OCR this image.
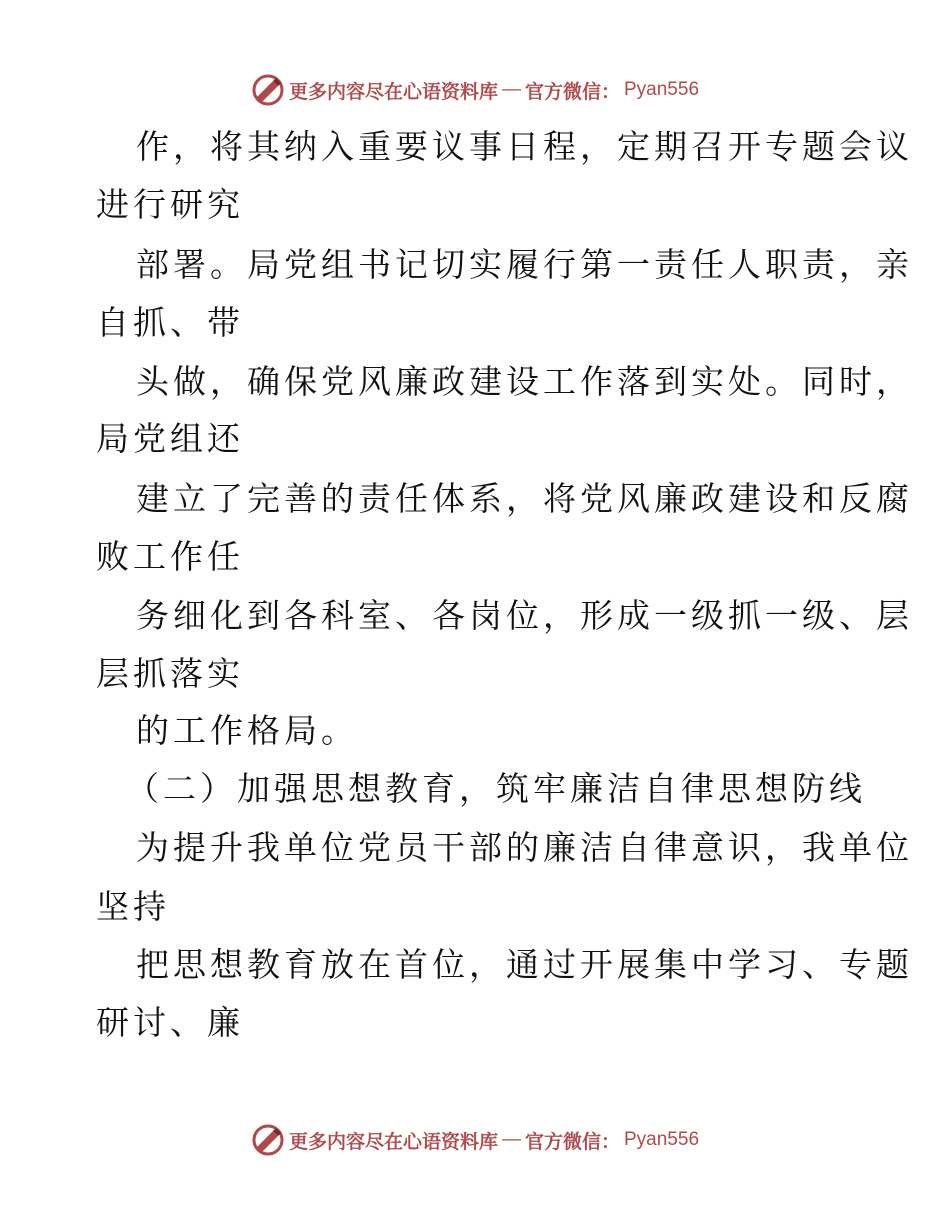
更多内容尽在心语资料库 — 官方微信： Pyan556
作，将其纳入重要议事日程，定期召开专题会议
进行研究
部署。局党组书记切实履行第一责任人职责，亲
自抓、带
头做，确保党风廉政建设工作落到实处。同时，
局党组还
建立了完善的责任体系，将党风廉政建设和反腐
败工作任
务细化到各科室、各岗位，形成一级抓一级、层
层抓落实
的工作格局。
（二）加强思想教育，筑牢廉洁自律思想防线
为提升我单位党员干部的廉洁自律意识，我单位
坚持
把思想教育放在首位，通过开展集中学习、专题
研讨、廉
更多内容尽在心语资料库 — 官方微信： Pyan556
